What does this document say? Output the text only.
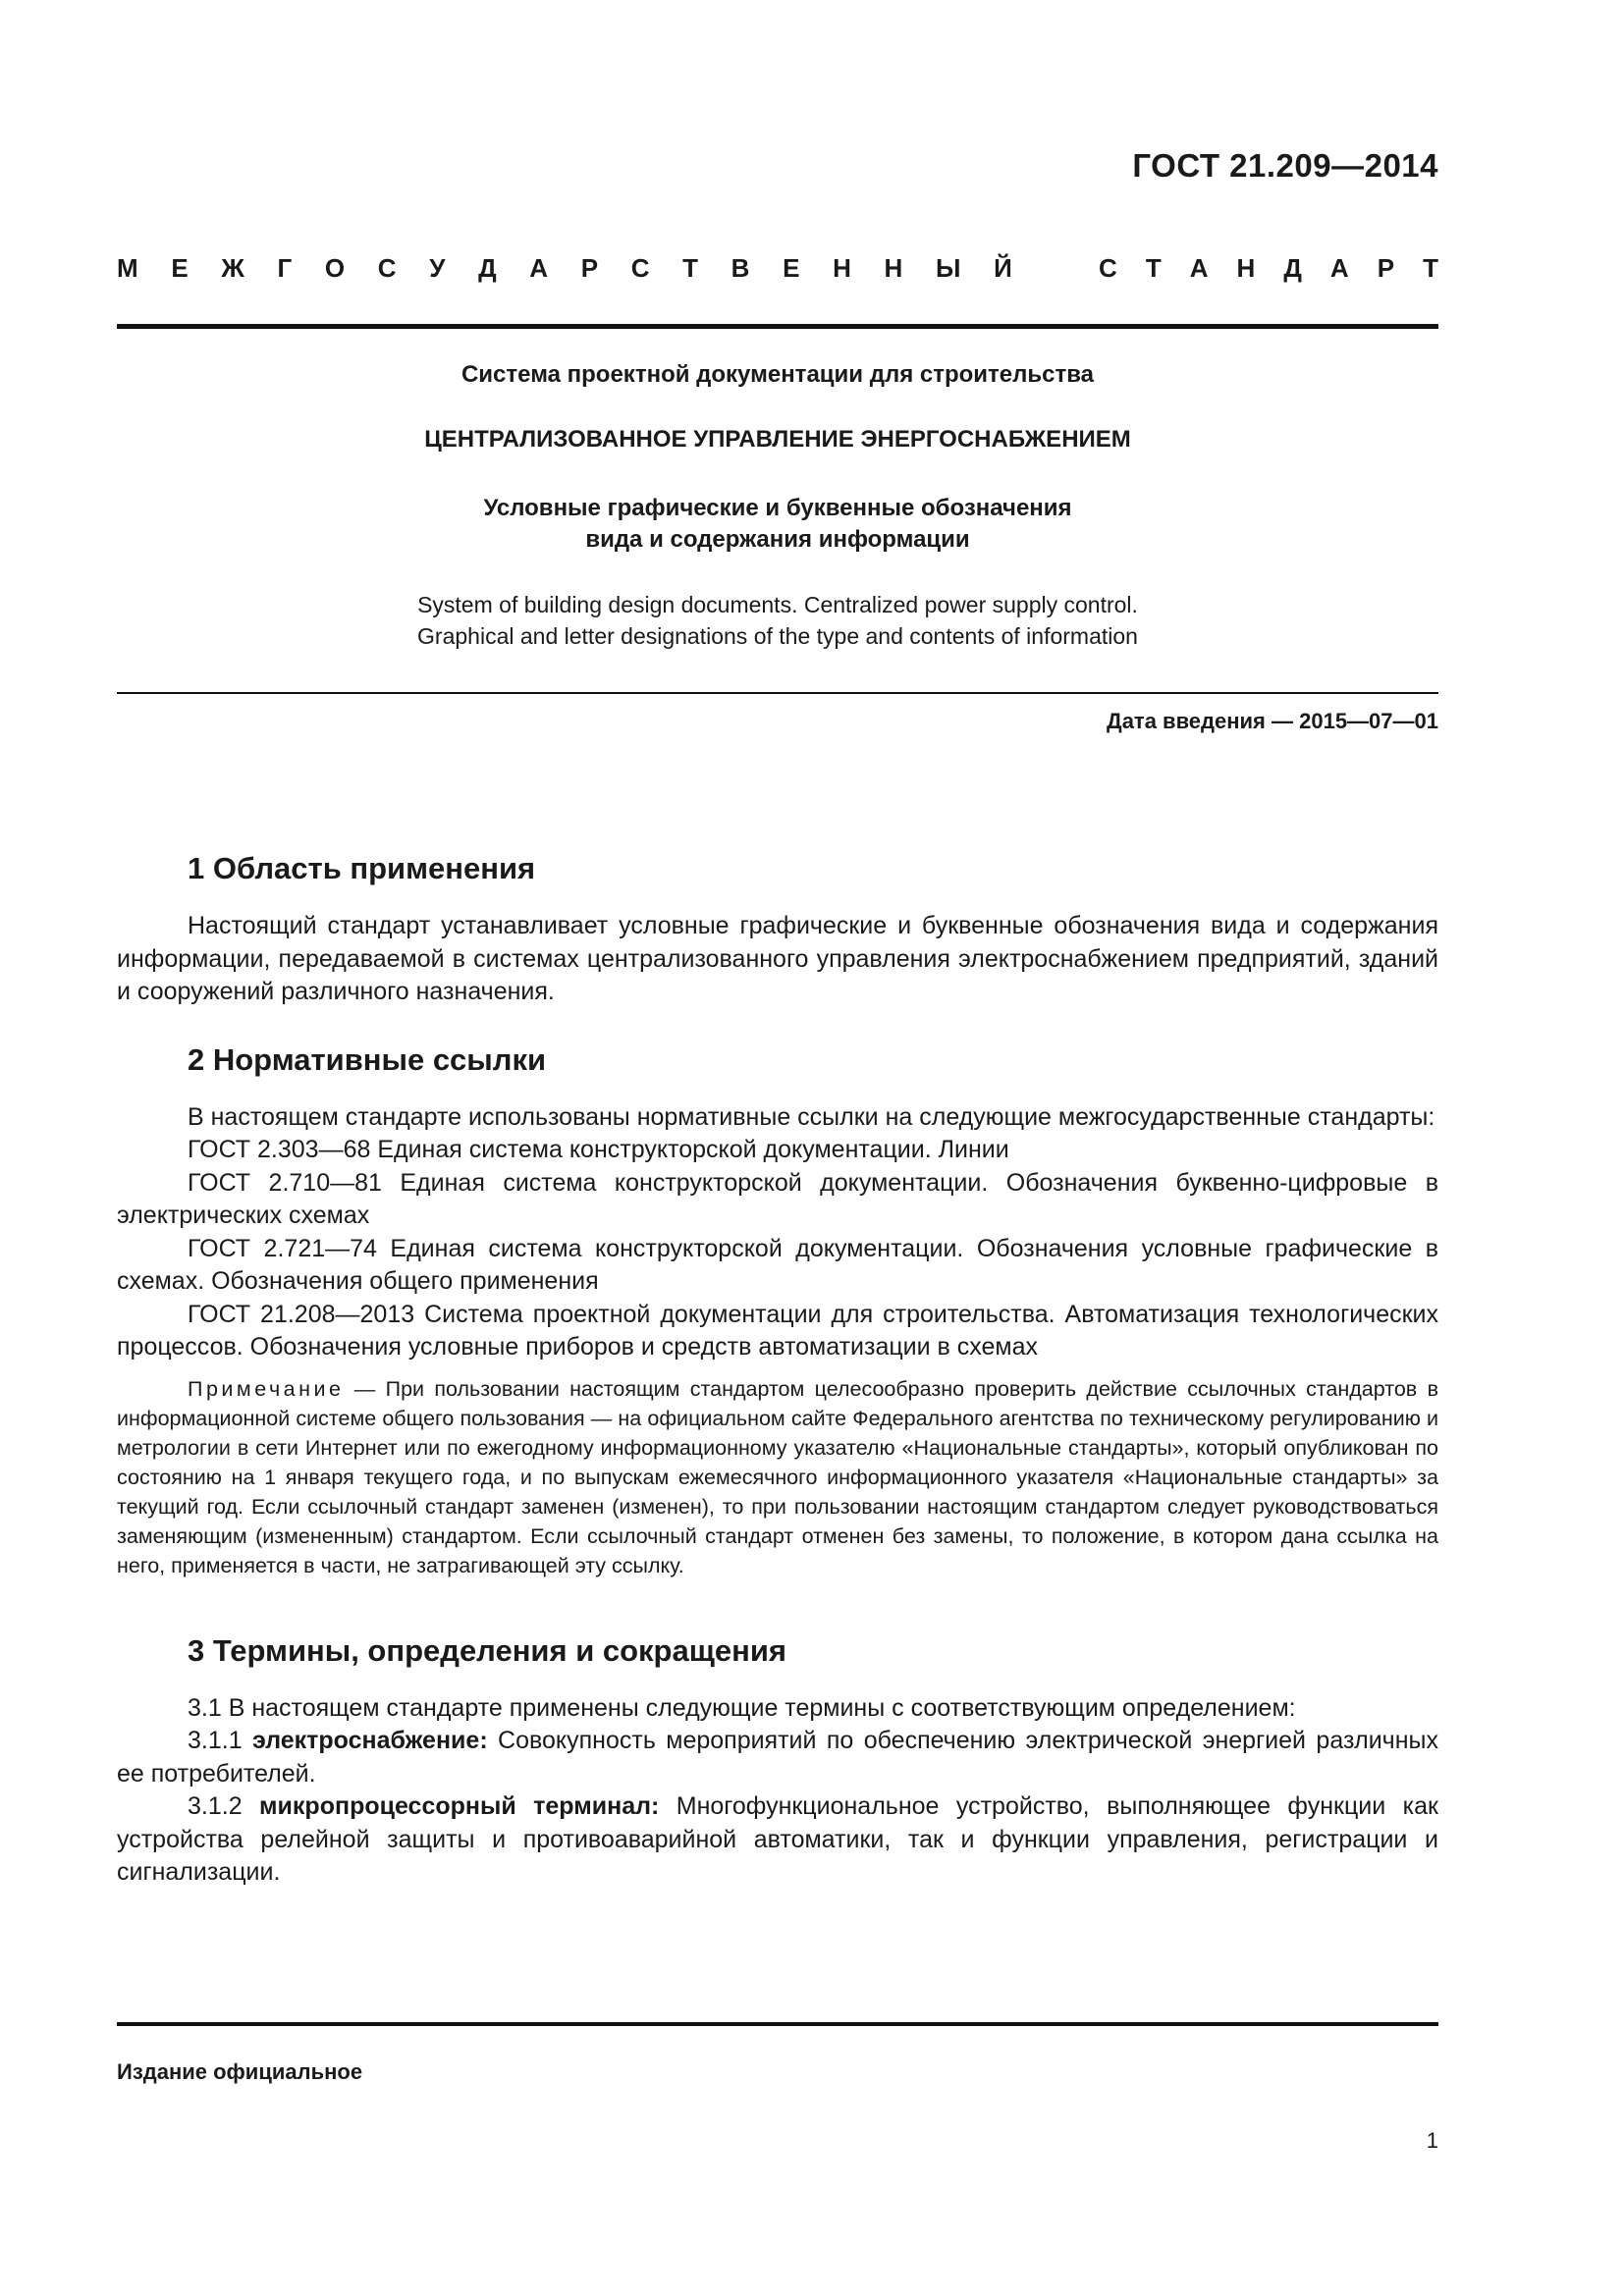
ГОСТ 21.209—2014
М Е Ж Г О С У Д А Р С Т В Е Н Н Ы Й	С Т А Н Д А Р Т
Система проектной документации для строительства
ЦЕНТРАЛИЗОВАННОЕ УПРАВЛЕНИЕ ЭНЕРГОСНАБЖЕНИЕМ
Условные графические и буквенные обозначения
вида и содержания информации
System of building design documents. Centralized power supply control.
Graphical and letter designations of the type and contents of information
Дата введения — 2015—07—01
1 Область применения

Настоящий стандарт устанавливает условные графические и буквенные обозначения вида и содержания информации, передаваемой в системах централизованного управления электроснабжением предприятий, зданий и сооружений различного назначения.

2 Нормативные ссылки

В настоящем стандарте использованы нормативные ссылки на следующие межгосударственные стандарты:

ГОСТ 2.303—68 Единая система конструкторской документации. Линии

ГОСТ 2.710—81 Единая система конструкторской документации. Обозначения буквенно-цифровые в электрических схемах

ГОСТ 2.721—74 Единая система конструкторской документации. Обозначения условные графические в схемах. Обозначения общего применения

ГОСТ 21.208—2013 Система проектной документации для строительства. Автоматизация технологических процессов. Обозначения условные приборов и средств автоматизации в схемах

Примечание — При пользовании настоящим стандартом целесообразно проверить действие ссылочных стандартов в информационной системе общего пользования — на официальном сайте Федерального агентства по техническому регулированию и метрологии в сети Интернет или по ежегодному информационному указателю «Национальные стандарты», который опубликован по состоянию на 1 января текущего года, и по выпускам ежемесячного информационного указателя «Национальные стандарты» за текущий год. Если ссылочный стандарт заменен (изменен), то при пользовании настоящим стандартом следует руководствоваться заменяющим (измененным) стандартом. Если ссылочный стандарт отменен без замены, то положение, в котором дана ссылка на него, применяется в части, не затрагивающей эту ссылку.

3 Термины, определения и сокращения

3.1 В настоящем стандарте применены следующие термины с соответствующим определением:

3.1.1 электроснабжение: Совокупность мероприятий по обеспечению электрической энергией различных ее потребителей.

3.1.2 микропроцессорный терминал: Многофункциональное устройство, выполняющее функции как устройства релейной защиты и противоаварийной автоматики, так и функции управления, регистрации и сигнализации.

Издание официальное
1
